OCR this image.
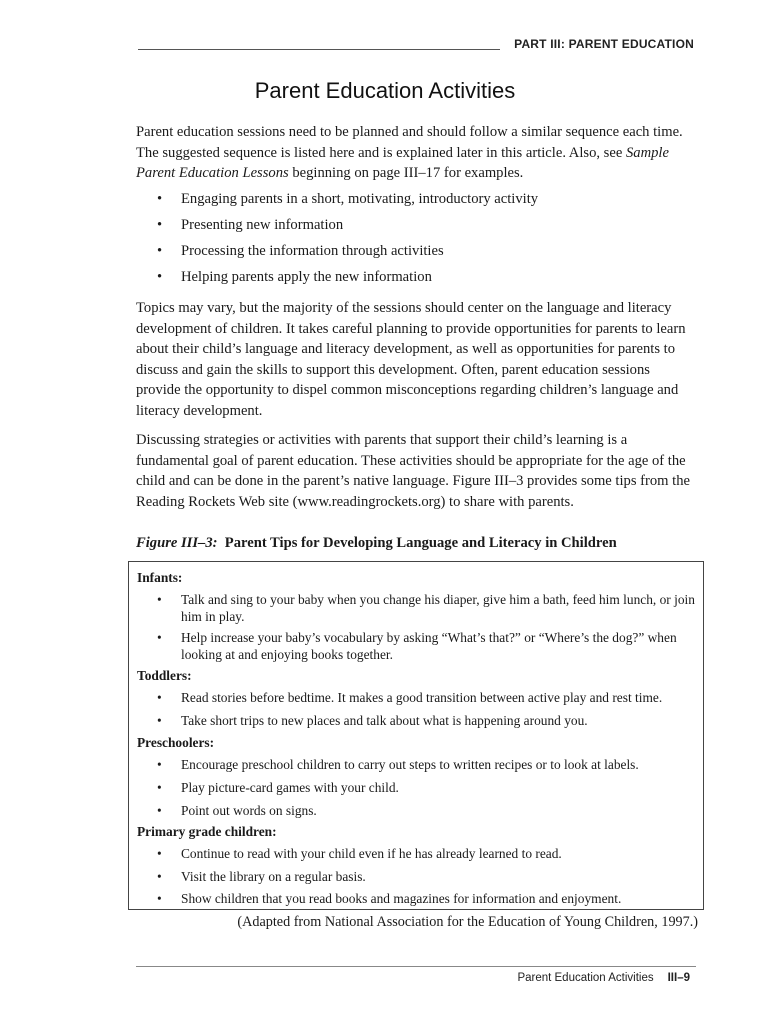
PART III: PARENT EDUCATION
Parent Education Activities

Parent education sessions need to be planned and should follow a similar sequence each time. The suggested sequence is listed here and is explained later in this article. Also, see Sample Parent Education Lessons beginning on page III–17 for examples.

• Engaging parents in a short, motivating, introductory activity
• Presenting new information
• Processing the information through activities
• Helping parents apply the new information

Topics may vary, but the majority of the sessions should center on the language and literacy development of children. It takes careful planning to provide opportunities for parents to learn about their child’s language and literacy development, as well as opportunities for parents to discuss and gain the skills to support this development. Often, parent education sessions provide the opportunity to dispel common misconceptions regarding children’s language and literacy development.

Discussing strategies or activities with parents that support their child’s learning is a fundamental goal of parent education. These activities should be appropriate for the age of the child and can be done in the parent’s native language. Figure III–3 provides some tips from the Reading Rockets Web site (www.readingrockets.org) to share with parents.

Figure III–3: Parent Tips for Developing Language and Literacy in Children
Infants:
• Talk and sing to your baby when you change his diaper, give him a bath, feed him lunch, or join him in play.
• Help increase your baby’s vocabulary by asking “What’s that?” or “Where’s the dog?” when looking at and enjoying books together.
Toddlers:
• Read stories before bedtime. It makes a good transition between active play and rest time.
• Take short trips to new places and talk about what is happening around you.
Preschoolers:
• Encourage preschool children to carry out steps to written recipes or to look at labels.
• Play picture-card games with your child.
• Point out words on signs.
Primary grade children:
• Continue to read with your child even if he has already learned to read.
• Visit the library on a regular basis.
• Show children that you read books and magazines for information and enjoyment.
(Adapted from National Association for the Education of Young Children, 1997.)
Parent Education Activities III–9
